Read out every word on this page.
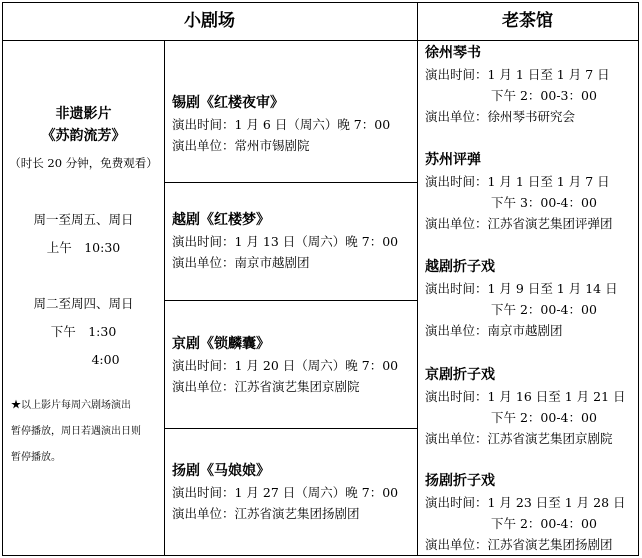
小剧场	老茶馆
非遗影片
《苏韵流芳》
（时长 20 分钟，免费观看）
周一至周五、周日
上午　10:30
周二至周四、周日
下午　1:30
4:00
★以上影片每周六剧场演出
暂停播放，周日若遇演出日则
暂停播放。
锡剧《红楼夜审》
演出时间：1 月 6 日（周六）晚 7：00
演出单位：常州市锡剧院
越剧《红楼梦》
演出时间：1 月 13 日（周六）晚 7：00
演出单位：南京市越剧团
京剧《锁麟囊》
演出时间：1 月 20 日（周六）晚 7：00
演出单位：江苏省演艺集团京剧院
扬剧《马娘娘》
演出时间：1 月 27 日（周六）晚 7：00
演出单位：江苏省演艺集团扬剧团
徐州琴书
演出时间：1 月 1 日至 1 月 7 日
下午 2：00-3：00
演出单位：徐州琴书研究会
苏州评弹
演出时间：1 月 1 日至 1 月 7 日
下午 3：00-4：00
演出单位：江苏省演艺集团评弹团
越剧折子戏
演出时间：1 月 9 日至 1 月 14 日
下午 2：00-4：00
演出单位：南京市越剧团
京剧折子戏
演出时间：1 月 16 日至 1 月 21 日
下午 2：00-4：00
演出单位：江苏省演艺集团京剧院
扬剧折子戏
演出时间：1 月 23 日至 1 月 28 日
下午 2：00-4：00
演出单位：江苏省演艺集团扬剧团
